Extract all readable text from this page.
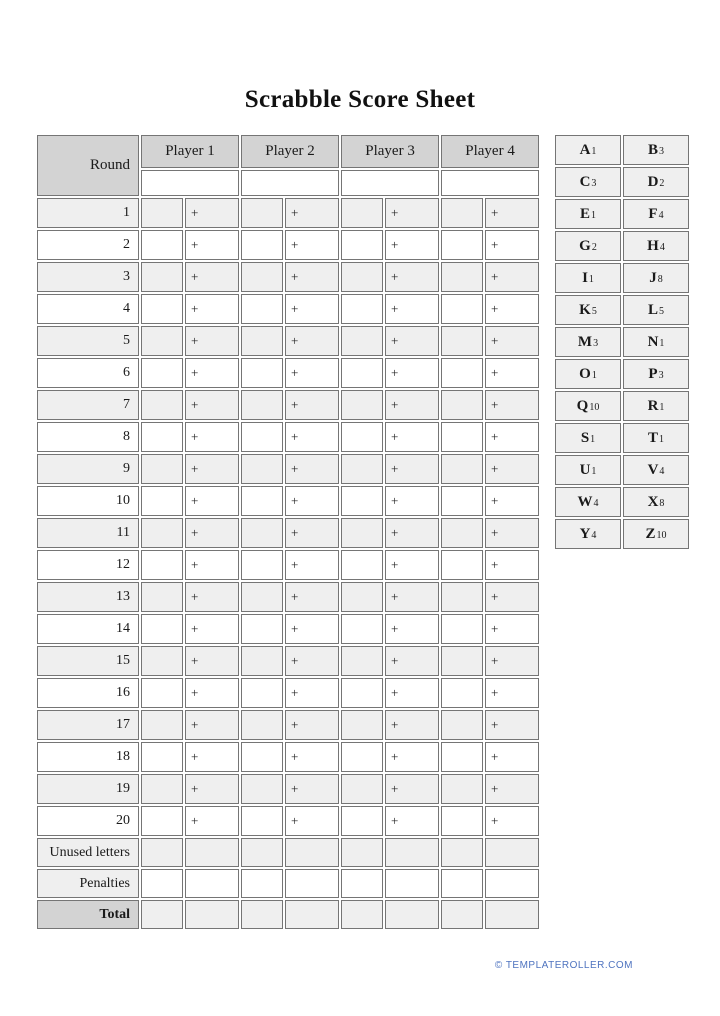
Scrabble Score Sheet
Round	Player 1		Player 2		Player 3		Player 4	

1		+		+		+		+
2		+		+		+		+
3		+		+		+		+
4		+		+		+		+
5		+		+		+		+
6		+		+		+		+
7		+		+		+		+
8		+		+		+		+
9		+		+		+		+
10		+		+		+		+
11		+		+		+		+
12		+		+		+		+
13		+		+		+		+
14		+		+		+		+
15		+		+		+		+
16		+		+		+		+
17		+		+		+		+
18		+		+		+		+
19		+		+		+		+
20		+		+		+		+
Unused letters								
Penalties								
Total								
A1	B3
C3	D2
E1	F4
G2	H4
I1	J8
K5	L5
M3	N1
O1	P3
Q10	R1
S1	T1
U1	V4
W4	X8
Y4	Z10
© TEMPLATEROLLER.COM
